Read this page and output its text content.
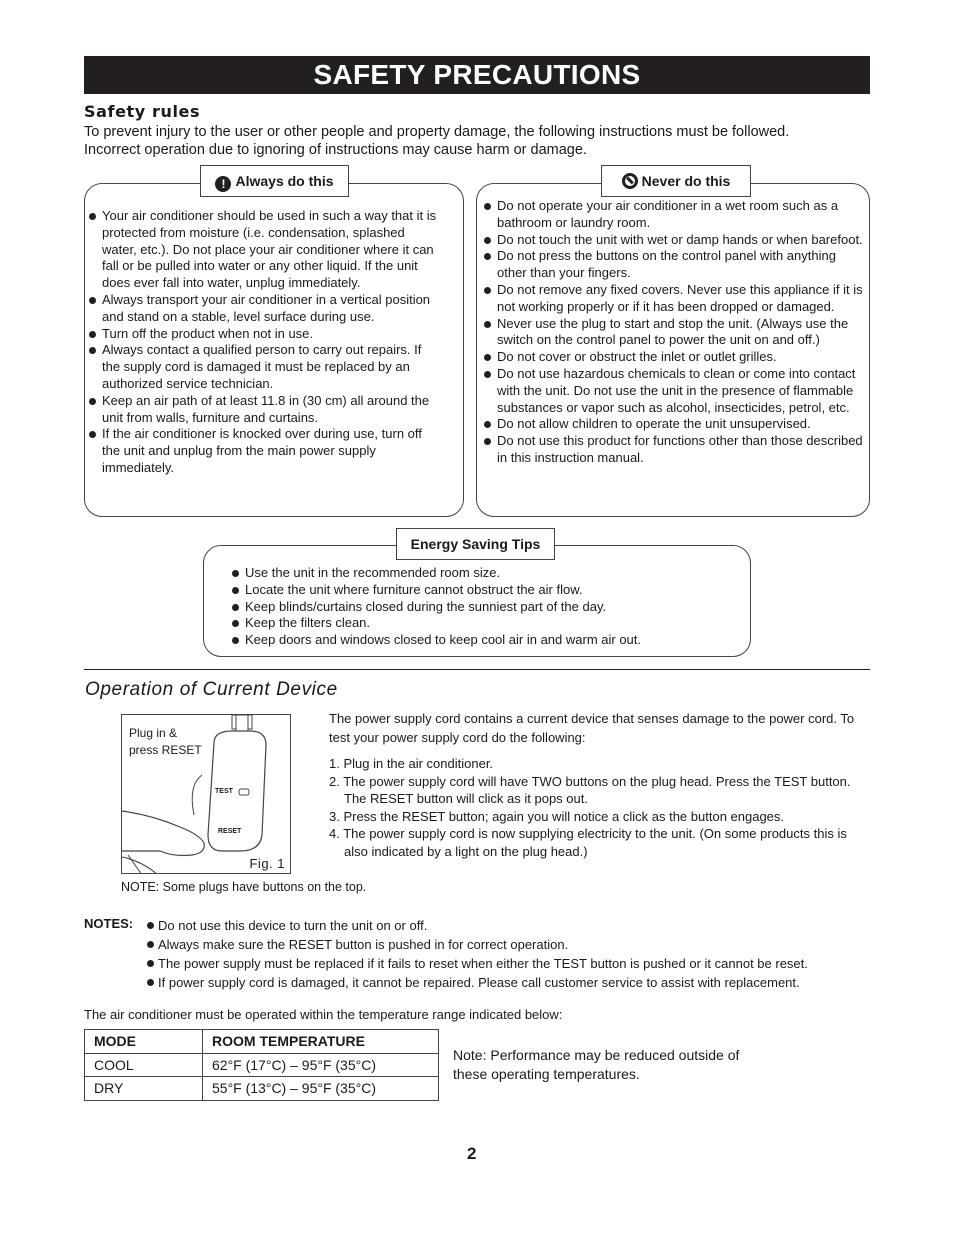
SAFETY PRECAUTIONS
Safety rules
To prevent injury to the user or other people and property damage, the following instructions must be followed. Incorrect operation due to ignoring of instructions may cause harm or damage.
Your air conditioner should be used in such a way that it is protected from moisture (i.e. condensation, splashed water, etc.). Do not place your air conditioner where it can fall or be pulled into water or any other liquid. If the unit does ever fall into water, unplug immediately.
Always transport your air conditioner in a vertical position and stand on a stable, level surface during use.
Turn off the product when not in use.
Always contact a qualified person to carry out repairs. If the supply cord is damaged it must be replaced by an authorized service technician.
Keep an air path of at least 11.8 in (30 cm) all around the unit from walls, furniture and curtains.
If the air conditioner is knocked over during use, turn off the unit and unplug from the main power supply immediately.
! Always do this
Do not operate your air conditioner in a wet room such as a bathroom or laundry room.
Do not touch the unit with wet or damp hands or when barefoot.
Do not press the buttons on the control panel with anything other than your fingers.
Do not remove any fixed covers. Never use this appliance if it is not working properly or if it has been dropped or damaged.
Never use the plug to start and stop the unit. (Always use the switch on the control panel to power the unit on and off.)
Do not cover or obstruct the inlet or outlet grilles.
Do not use hazardous chemicals to clean or come into contact with the unit. Do not use the unit in the presence of flammable substances or vapor such as alcohol, insecticides, petrol, etc.
Do not allow children to operate the unit unsupervised.
Do not use this product for functions other than those described in this instruction manual.
Never do this
Use the unit in the recommended room size.
Locate the unit where furniture cannot obstruct the air flow.
Keep blinds/curtains closed during the sunniest part of the day.
Keep the filters clean.
Keep doors and windows closed to keep cool air in and warm air out.
Energy Saving Tips
Operation of Current Device
Plug in &
press RESET
TEST
RESET
Fig. 1
NOTE: Some plugs have buttons on the top.
The power supply cord contains a current device that senses damage to the power cord. To test your power supply cord do the following:
1. Plug in the air conditioner.
2. The power supply cord will have TWO buttons on the plug head. Press the TEST button. The RESET button will click as it pops out.
3. Press the RESET button; again you will notice a click as the button engages.
4. The power supply cord is now supplying electricity to the unit. (On some products this is also indicated by a light on the plug head.)
NOTES:	Do not use this device to turn the unit on or off.
Always make sure the RESET button is pushed in for correct operation.
The power supply must be replaced if it fails to reset when either the TEST button is pushed or it cannot be reset.
If power supply cord is damaged, it cannot be repaired. Please call customer service to assist with replacement.
The air conditioner must be operated within the temperature range indicated below:
MODE	ROOM TEMPERATURE
COOL	62°F (17°C) – 95°F (35°C)
DRY	55°F (13°C) – 95°F (35°C)
Note: Performance may be reduced outside of these operating temperatures.
2
